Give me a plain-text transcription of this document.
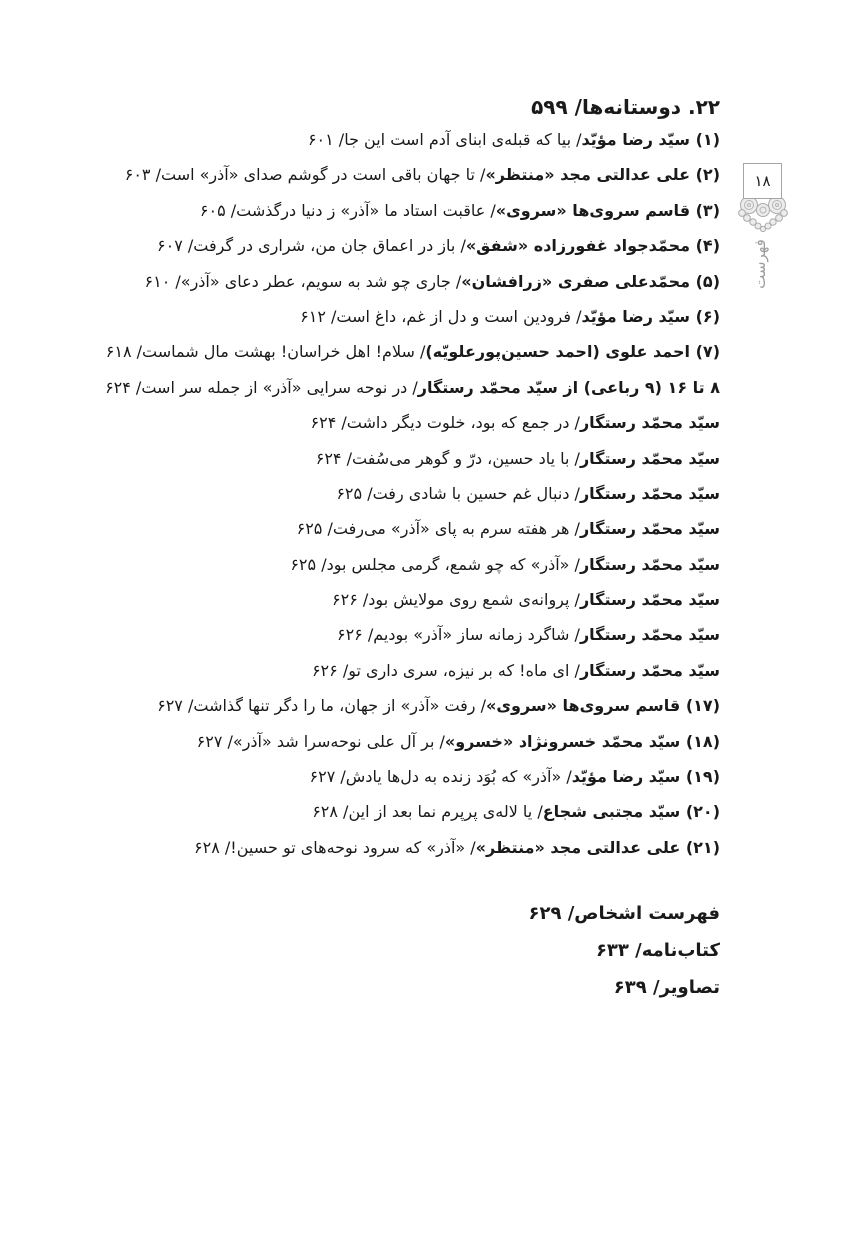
۲۲. دوستانه‌ها/ ۵۹۹
(۱) سیّد رضا مؤیّد/ بیا که قبله‌ی ابنای آدم است این جا/ ۶۰۱
(۲) علی عدالتی مجد «منتظر»/ تا جهان باقی است در گوشم صدای «آذر» است/ ۶۰۳
(۳) قاسم سروی‌ها «سروی»/ عاقبت استاد ما «آذر» ز دنیا درگذشت/ ۶۰۵
(۴) محمّدجواد غفورزاده «شفق»/ باز در اعماق جان من، شراری در گرفت/ ۶۰۷
(۵) محمّدعلی صفری «زرافشان»/ جاری چو شد به سویم، عطر دعای «آذر»/ ۶۱۰
(۶) سیّد رضا مؤیّد/ فرودین است و دل از غم، داغ است/ ۶۱۲
(۷) احمد علوی (احمد حسین‌پورعلویّه)/ سلام! اهل خراسان! بهشت مال شماست/ ۶۱۸
۸ تا ۱۶ (۹ رباعی) از سیّد محمّد رستگار/ در نوحه سرایی «آذر» از جمله سر است/ ۶۲۴
سیّد محمّد رستگار/ در جمع که بود، خلوت دیگر داشت/ ۶۲۴
سیّد محمّد رستگار/ با یاد حسین، درّ و گوهر می‌سُفت/ ۶۲۴
سیّد محمّد رستگار/ دنبال غم حسین با شادی رفت/ ۶۲۵
سیّد محمّد رستگار/ هر هفته سرم به پای «آذر» می‌رفت/ ۶۲۵
سیّد محمّد رستگار/ «آذر» که چو شمع، گرمی مجلس بود/ ۶۲۵
سیّد محمّد رستگار/ پروانه‌ی شمع روی مولایش بود/ ۶۲۶
سیّد محمّد رستگار/ شاگرد زمانه ساز «آذر» بودیم/ ۶۲۶
سیّد محمّد رستگار/ ای ماه! که بر نیزه، سری داری تو/ ۶۲۶
(۱۷) قاسم سروی‌ها «سروی»/ رفت «آذر» از جهان، ما را دگر تنها گذاشت/ ۶۲۷
(۱۸) سیّد محمّد خسرونژاد «خسرو»/ بر آل علی نوحه‌سرا شد «آذر»/ ۶۲۷
(۱۹) سیّد رضا مؤیّد/ «آذر» که بُوَد زنده به دل‌ها یادش/ ۶۲۷
(۲۰) سیّد مجتبی شجاع/ یا لاله‌ی پرپرم نما بعد از این/ ۶۲۸
(۲۱) علی عدالتی مجد «منتظر»/ «آذر» که سرود نوحه‌های تو حسین!/ ۶۲۸
فهرست اشخاص/ ۶۲۹
کتاب‌نامه/ ۶۳۳
تصاویر/ ۶۳۹
۱۸
فهرست
